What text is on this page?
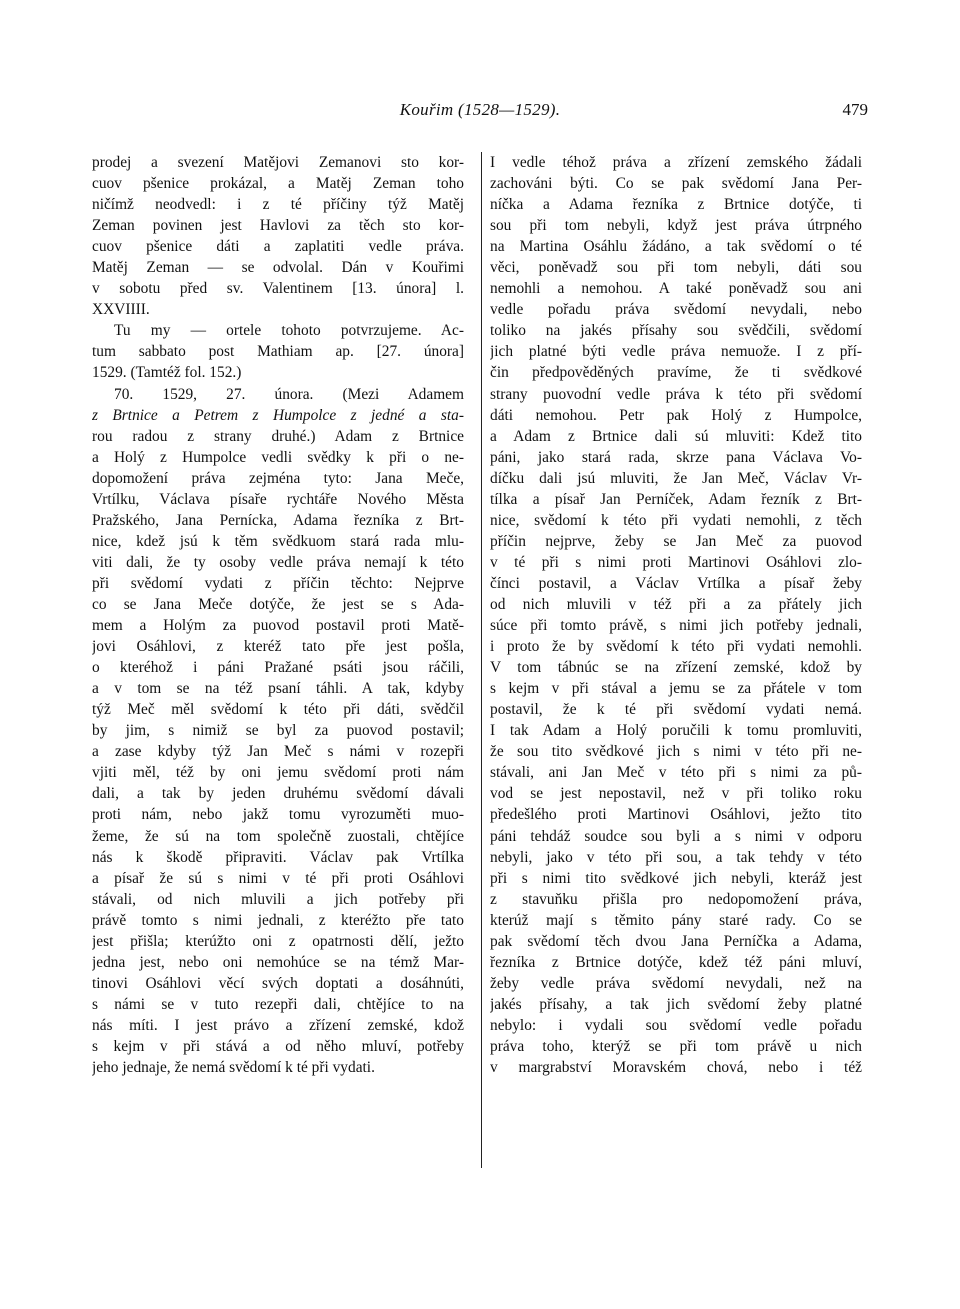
Kouřim (1528—1529).	479
prodej a svezení Matějovi Zemanovi sto kor-
cuov pšenice prokázal, a Matěj Zeman toho
ničímž neodvedl: i z té příčiny týž Matěj
Zeman povinen jest Havlovi za těch sto kor-
cuov pšenice dáti a zaplatiti vedle práva.
Matěj Zeman — se odvolal. Dán v Kouřimi
v sobotu před sv. Valentinem [13. února] l.
XXVIIII.
Tu my — ortele tohoto potvrzujeme. Ac-
tum sabbato post Mathiam ap. [27. února]
1529. (Tamtéž fol. 152.)
70. 1529, 27. února. (Mezi Adamem
z Brtnice a Petrem z Humpolce z jedné a sta-
rou radou z strany druhé.) Adam z Brtnice
a Holý z Humpolce vedli svědky k při o ne-
dopomožení práva zejména tyto: Jana Meče,
Vrtílku, Václava písaře rychtáře Nového Města
Pražského, Jana Pernícka, Adama řezníka z Brt-
nice, kdež jsú k těm svědkuom stará rada mlu-
viti dali, že ty osoby vedle práva nemají k této
při svědomí vydati z příčin těchto: Nejprve
co se Jana Meče dotýče, že jest se s Ada-
mem a Holým za puovod postavil proti Matě-
jovi Osáhlovi, z kteréž tato pře jest pošla,
o kteréhož i páni Pražané psáti jsou ráčili,
a v tom se na též psaní táhli. A tak, kdyby
týž Meč měl svědomí k této při dáti, svědčil
by jim, s nimiž se byl za puovod postavil;
a zase kdyby týž Jan Meč s námi v rozepři
vjiti měl, též by oni jemu svědomí proti nám
dali, a tak by jeden druhému svědomí dávali
proti nám, nebo jakž tomu vyrozuměti muo-
žeme, že sú na tom společně zuostali, chtějíce
nás k škodě připraviti. Václav pak Vrtílka
a písař že sú s nimi v té při proti Osáhlovi
stávali, od nich mluvili a jich potřeby při
právě tomto s nimi jednali, z kteréžto pře tato
jest přišla; kterúžto oni z opatrnosti dělí, ježto
jedna jest, nebo oni nemohúce se na témž Mar-
tinovi Osáhlovi věcí svých doptati a dosáhnúti,
s námi se v tuto rezepři dali, chtějíce to na
nás míti. I jest právo a zřízení zemské, kdož
s kejm v při stává a od něho mluví, potřeby
jeho jednaje, že nemá svědomí k té při vydati.
I vedle téhož práva a zřízení zemského žádali
zachováni býti. Co se pak svědomí Jana Per-
níčka a Adama řezníka z Brtnice dotýče, ti
sou při tom nebyli, když jest práva útrpného
na Martina Osáhlu žádáno, a tak svědomí o té
věci, poněvadž sou při tom nebyli, dáti sou
nemohli a nemohou. A také poněvadž sou ani
vedle pořadu práva svědomí nevydali, nebo
toliko na jakés přísahy sou svědčili, svědomí
jich platné býti vedle práva nemuože. I z pří-
čin předpověděných pravíme, že ti svědkové
strany puovodní vedle práva k této při svědomí
dáti nemohou. Petr pak Holý z Humpolce,
a Adam z Brtnice dali sú mluviti: Kdež tito
páni, jako stará rada, skrze pana Václava Vo-
díčku dali jsú mluviti, že Jan Meč, Václav Vr-
tílka a písař Jan Perníček, Adam řezník z Brt-
nice, svědomí k této při vydati nemohli, z těch
příčin nejprve, žeby se Jan Meč za puovod
v té při s nimi proti Martinovi Osáhlovi zlo-
čínci postavil, a Václav Vrtílka a písař žeby
od nich mluvili v též při a za přátely jich
súce při tomto právě, s nimi jich potřeby jednali,
i proto že by svědomí k této při vydati nemohli.
V tom tábnúc se na zřízení zemské, kdož by
s kejm v při stával a jemu se za přátele v tom
postavil, že k té při svědomí vydati nemá.
I tak Adam a Holý poručili k tomu promluviti,
že sou tito svědkové jich s nimi v této při ne-
stávali, ani Jan Meč v této při s nimi za pů-
vod se jest nepostavil, než v při toliko roku
předešlého proti Martinovi Osáhlovi, ježto tito
páni tehdáž soudce sou byli a s nimi v odporu
nebyli, jako v této při sou, a tak tehdy v této
při s nimi tito svědkové jich nebyli, kteráž jest
z stavuňku přišla pro nedopomožení práva,
kterúž mají s těmito pány staré rady. Co se
pak svědomí těch dvou Jana Perníčka a Adama,
řezníka z Brtnice dotýče, kdež též páni mluví,
žeby vedle práva svědomí nevydali, než na
jakés přísahy, a tak jich svědomí žeby platné
nebylo: i vydali sou svědomí vedle pořadu
práva toho, kterýž se při tom právě u nich
v margrabství Moravském chová, nebo i též
